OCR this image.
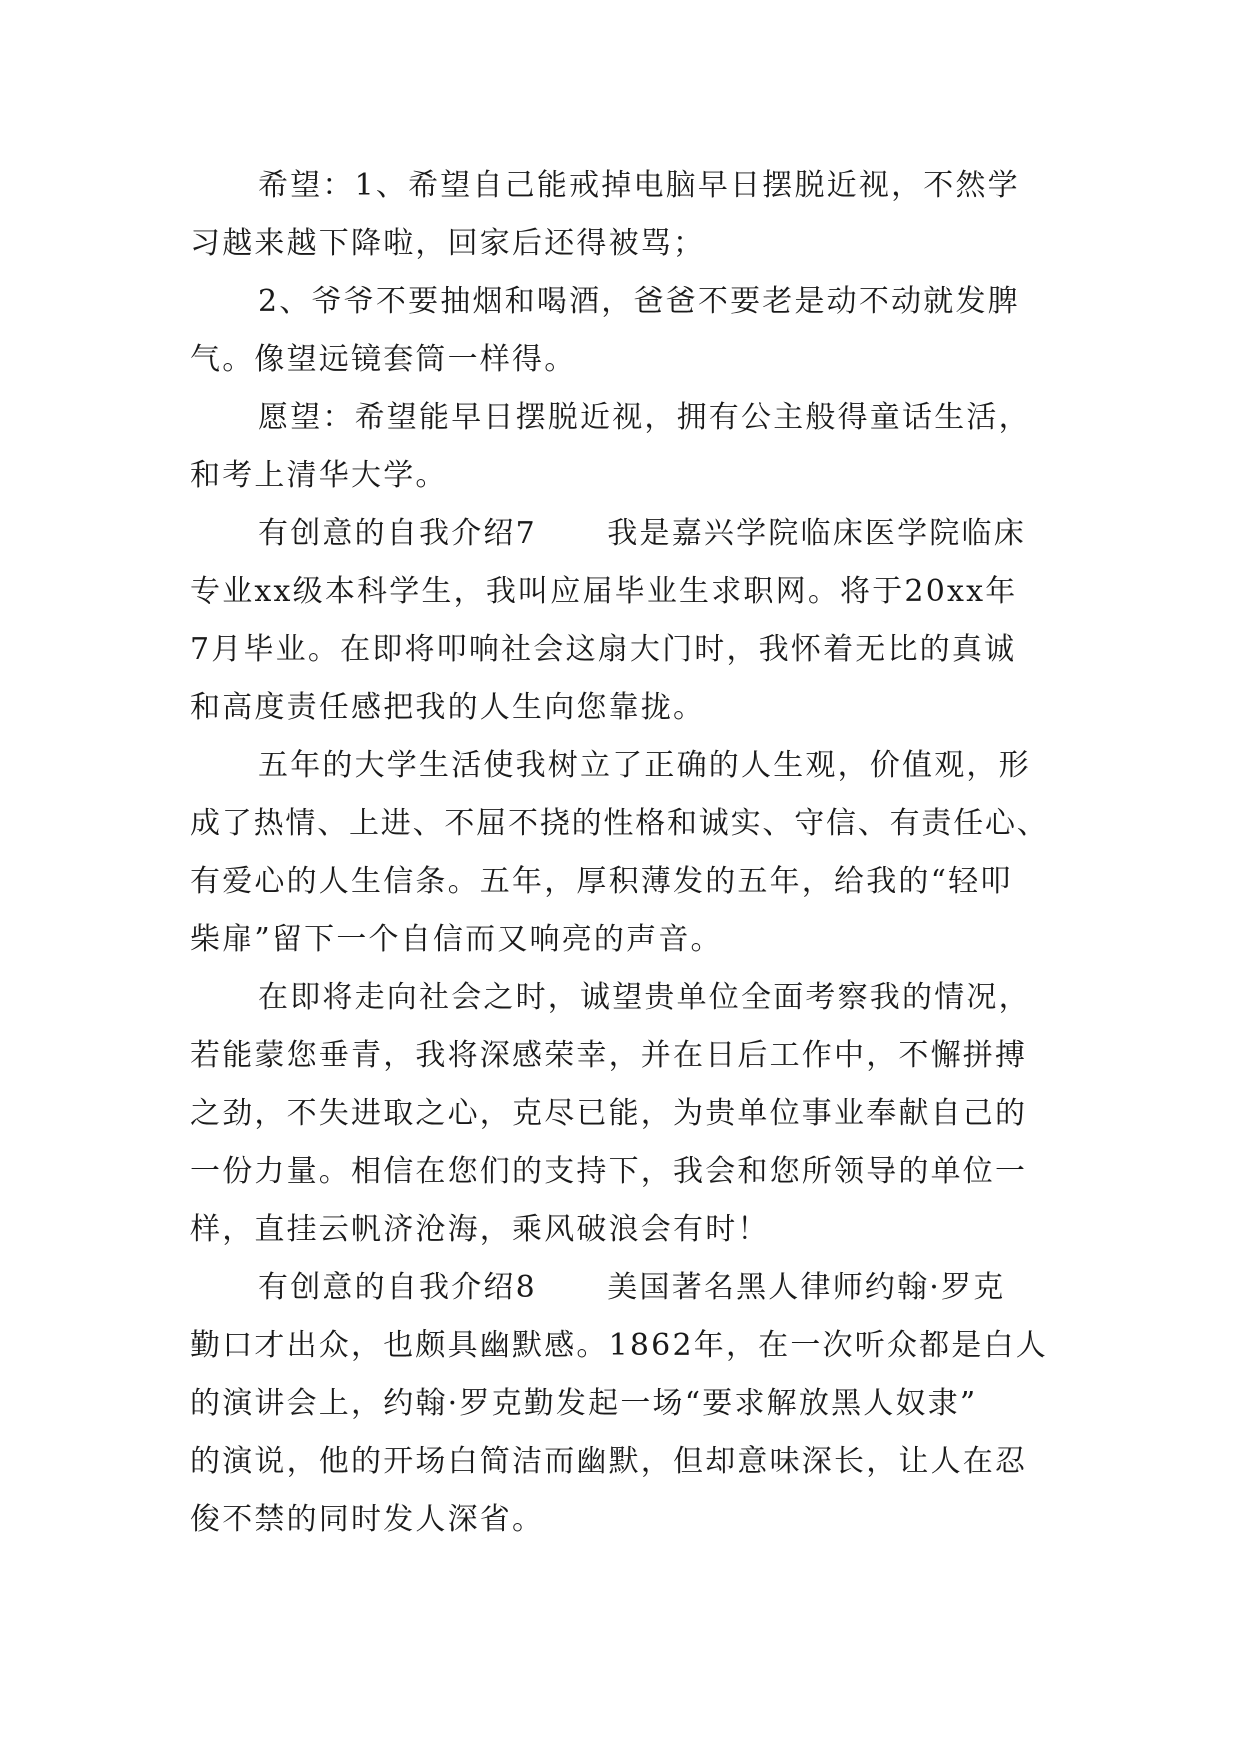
希望：1、希望自己能戒掉电脑早日摆脱近视，不然学
习越来越下降啦，回家后还得被骂；
2、爷爷不要抽烟和喝酒，爸爸不要老是动不动就发脾
气。像望远镜套筒一样得。
愿望：希望能早日摆脱近视，拥有公主般得童话生活，
和考上清华大学。
有创意的自我介绍7      我是嘉兴学院临床医学院临床
专业xx级本科学生，我叫应届毕业生求职网。将于20xx年
7月毕业。在即将叩响社会这扇大门时，我怀着无比的真诚
和高度责任感把我的人生向您靠拢。
五年的大学生活使我树立了正确的人生观，价值观，形
成了热情、上进、不屈不挠的性格和诚实、守信、有责任心、
有爱心的人生信条。五年，厚积薄发的五年，给我的“轻叩
柴扉”留下一个自信而又响亮的声音。
在即将走向社会之时，诚望贵单位全面考察我的情况，
若能蒙您垂青，我将深感荣幸，并在日后工作中，不懈拼搏
之劲，不失进取之心，克尽已能，为贵单位事业奉献自己的
一份力量。相信在您们的支持下，我会和您所领导的单位一
样，直挂云帆济沧海，乘风破浪会有时！
有创意的自我介绍8      美国著名黑人律师约翰·罗克
勤口才出众，也颇具幽默感。1862年，在一次听众都是白人
的演讲会上，约翰·罗克勤发起一场“要求解放黑人奴隶”
的演说，他的开场白简洁而幽默，但却意味深长，让人在忍
俊不禁的同时发人深省。
